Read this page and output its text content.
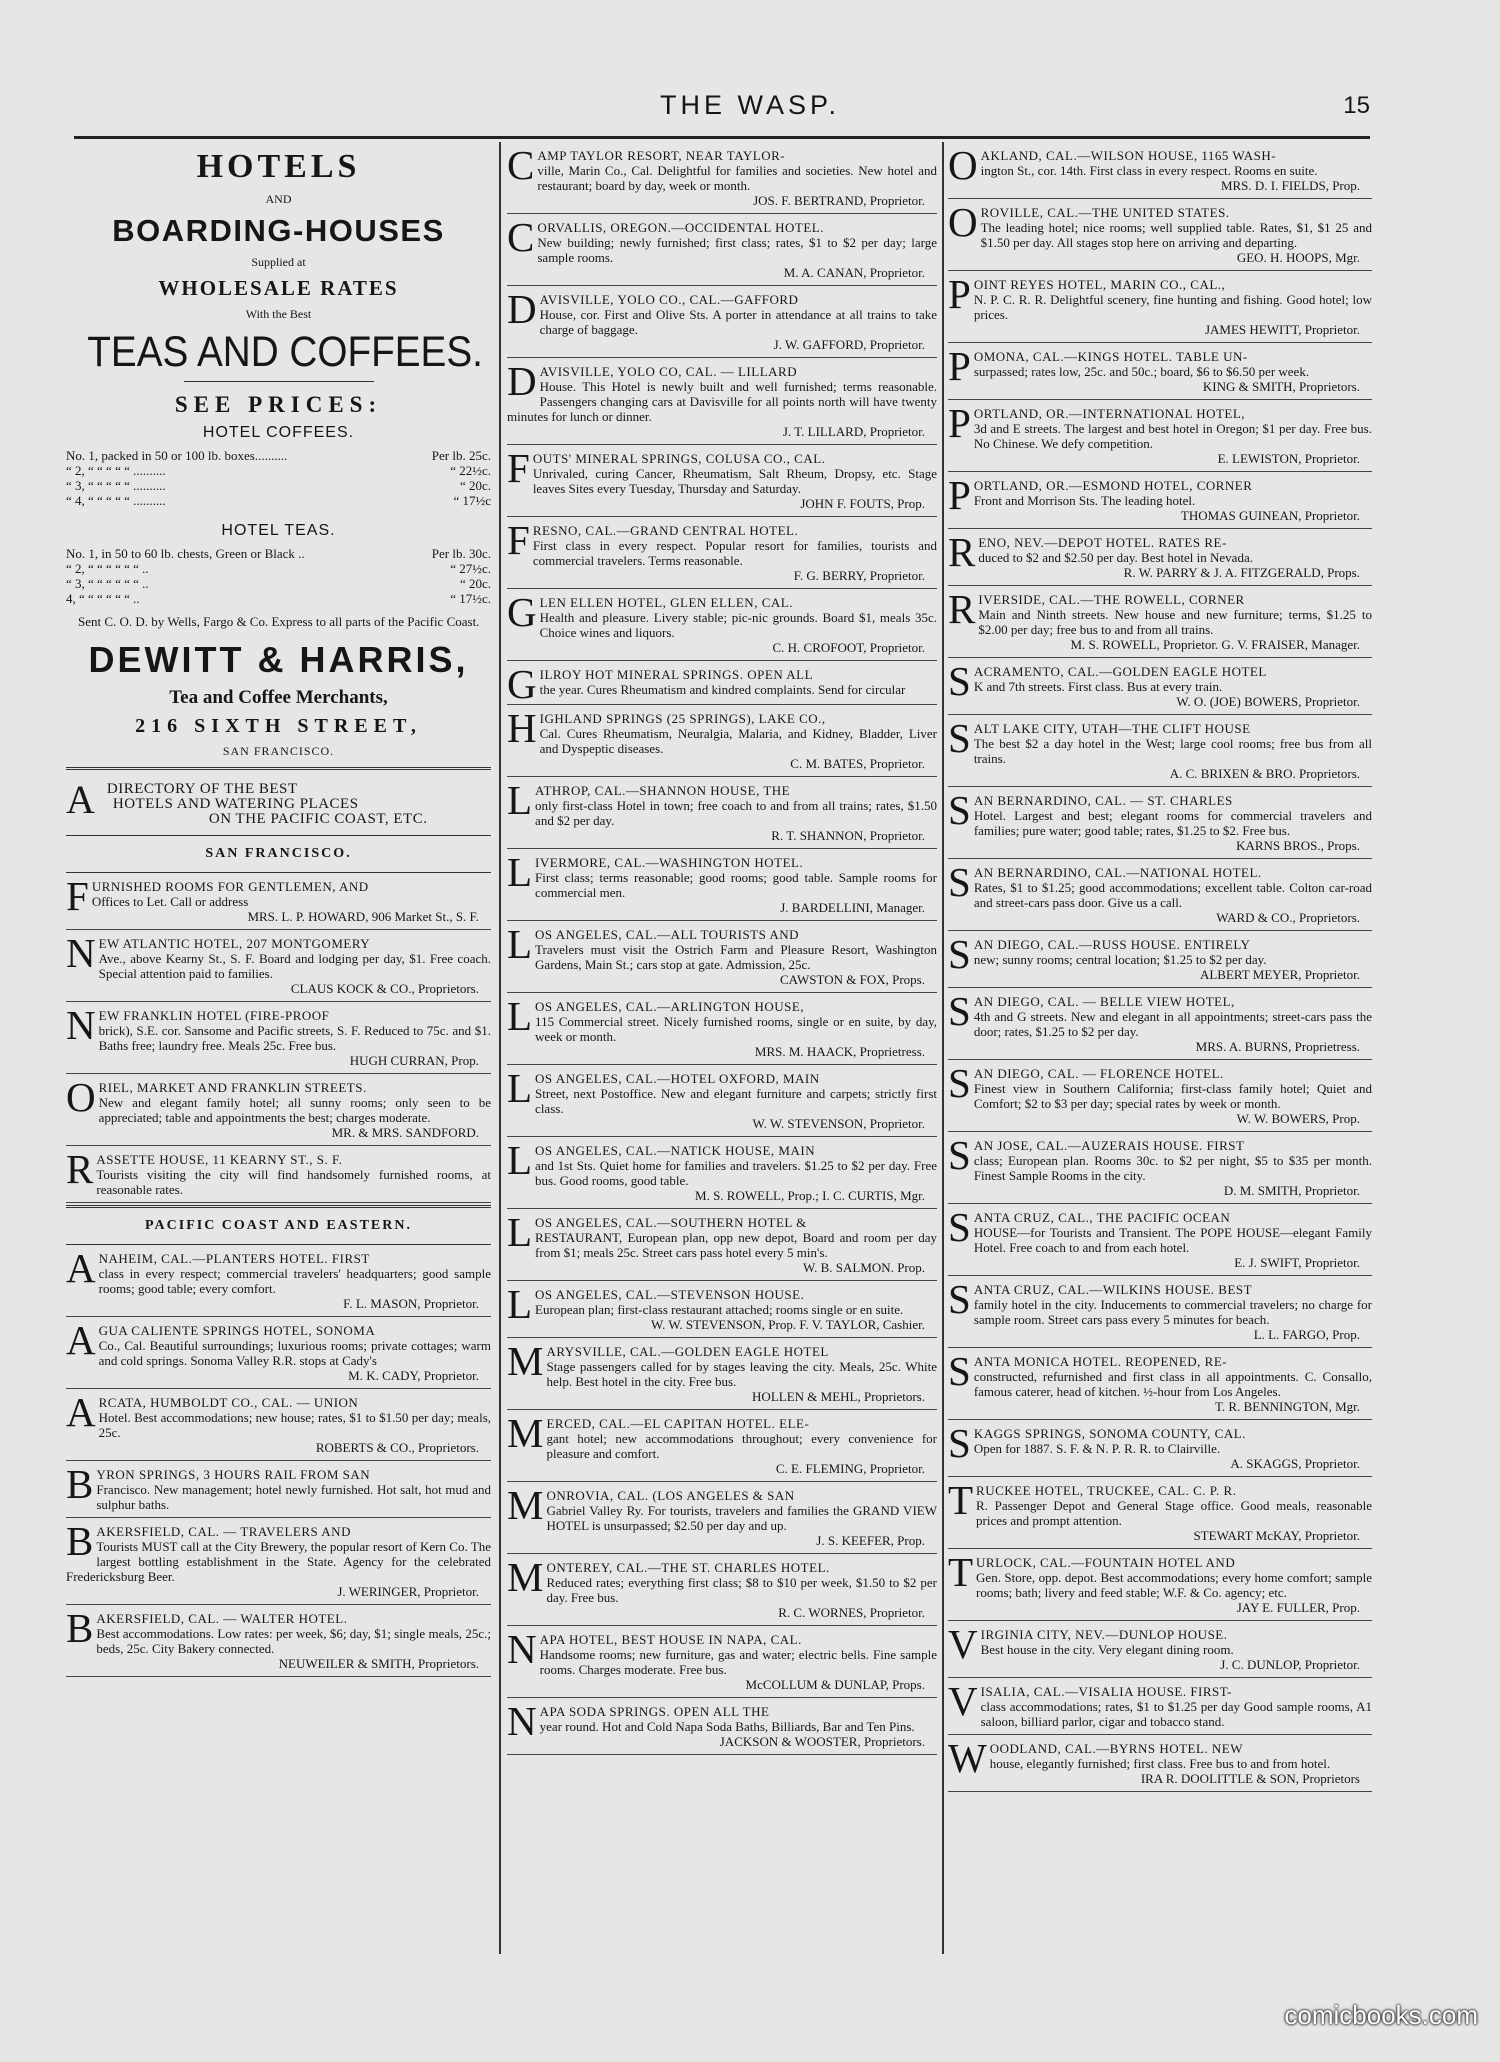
THE WASP.	15
HOTELS
AND
BOARDING-HOUSES
Supplied at
WHOLESALE RATES
With the Best
TEAS AND COFFEES.
SEE PRICES:
HOTEL COFFEES.
No. 1, packed in 50 or 100 lb. boxes..........	Per lb. 25c.
“ 2, “ “ “ “ “ ..........	“ 22½c.
“ 3, “ “ “ “ “ ..........	“ 20c.
“ 4, “ “ “ “ “ ..........	“ 17½c
HOTEL TEAS.
No. 1, in 50 to 60 lb. chests, Green or Black ..	Per lb. 30c.
“ 2, “ “ “ “ “ “ ..	“ 27½c.
“ 3, “ “ “ “ “ “ ..	“ 20c.
4, “ “ “ “ “ “ ..	“ 17½c.
Sent C. O. D. by Wells, Fargo & Co. Express to all parts of the Pacific Coast.
DEWITT & HARRIS,
Tea and Coffee Merchants,
216 SIXTH STREET,
SAN FRANCISCO.
A DIRECTORY OF THE BEST
HOTELS AND WATERING PLACES
ON THE PACIFIC COAST, ETC.
SAN FRANCISCO.
F URNISHED ROOMS FOR GENTLEMEN, AND
Offices to Let. Call or address
MRS. L. P. HOWARD, 906 Market St., S. F.
N EW ATLANTIC HOTEL, 207 MONTGOMERY
Ave., above Kearny St., S. F. Board and lodging per day, $1. Free coach. Special attention paid to families.
CLAUS KOCK & CO., Proprietors.
N EW FRANKLIN HOTEL (FIRE-PROOF
brick), S.E. cor. Sansome and Pacific streets, S. F. Reduced to 75c. and $1. Baths free; laundry free. Meals 25c. Free bus.
HUGH CURRAN, Prop.
O RIEL, MARKET AND FRANKLIN STREETS.
New and elegant family hotel; all sunny rooms; only seen to be appreciated; table and appointments the best; charges moderate.
MR. & MRS. SANDFORD.
R ASSETTE HOUSE, 11 KEARNY ST., S. F.
Tourists visiting the city will find handsomely furnished rooms, at reasonable rates.
PACIFIC COAST AND EASTERN.
A NAHEIM, CAL.—PLANTERS HOTEL. FIRST
class in every respect; commercial travelers' headquarters; good sample rooms; good table; every comfort.
F. L. MASON, Proprietor.
A GUA CALIENTE SPRINGS HOTEL, SONOMA
Co., Cal. Beautiful surroundings; luxurious rooms; private cottages; warm and cold springs. Sonoma Valley R.R. stops at Cady's
M. K. CADY, Proprietor.
A RCATA, HUMBOLDT CO., CAL. — UNION
Hotel. Best accommodations; new house; rates, $1 to $1.50 per day; meals, 25c.
ROBERTS & CO., Proprietors.
B YRON SPRINGS, 3 HOURS RAIL FROM SAN
Francisco. New management; hotel newly furnished. Hot salt, hot mud and sulphur baths.
B AKERSFIELD, CAL. — TRAVELERS AND
Tourists MUST call at the City Brewery, the popular resort of Kern Co. The largest bottling establishment in the State. Agency for the celebrated Fredericksburg Beer.
J. WERINGER, Proprietor.
B AKERSFIELD, CAL. — WALTER HOTEL.
Best accommodations. Low rates: per week, $6; day, $1; single meals, 25c.; beds, 25c. City Bakery connected.
NEUWEILER & SMITH, Proprietors.
C AMP TAYLOR RESORT, NEAR TAYLOR-
ville, Marin Co., Cal. Delightful for families and societies. New hotel and restaurant; board by day, week or month.
JOS. F. BERTRAND, Proprietor.
C ORVALLIS, OREGON.—OCCIDENTAL HOTEL.
New building; newly furnished; first class; rates, $1 to $2 per day; large sample rooms.
M. A. CANAN, Proprietor.
D AVISVILLE, YOLO CO., CAL.—GAFFORD
House, cor. First and Olive Sts. A porter in attendance at all trains to take charge of baggage.
J. W. GAFFORD, Proprietor.
D AVISVILLE, YOLO CO, CAL. — LILLARD
House. This Hotel is newly built and well furnished; terms reasonable. Passengers changing cars at Davisville for all points north will have twenty minutes for lunch or dinner.
J. T. LILLARD, Proprietor.
F OUTS' MINERAL SPRINGS, COLUSA CO., CAL.
Unrivaled, curing Cancer, Rheumatism, Salt Rheum, Dropsy, etc. Stage leaves Sites every Tuesday, Thursday and Saturday.
JOHN F. FOUTS, Prop.
F RESNO, CAL.—GRAND CENTRAL HOTEL.
First class in every respect. Popular resort for families, tourists and commercial travelers. Terms reasonable.
F. G. BERRY, Proprietor.
G LEN ELLEN HOTEL, GLEN ELLEN, CAL.
Health and pleasure. Livery stable; pic-nic grounds. Board $1, meals 35c. Choice wines and liquors.
C. H. CROFOOT, Proprietor.
G ILROY HOT MINERAL SPRINGS. OPEN ALL
the year. Cures Rheumatism and kindred complaints. Send for circular
H IGHLAND SPRINGS (25 SPRINGS), LAKE CO.,
Cal. Cures Rheumatism, Neuralgia, Malaria, and Kidney, Bladder, Liver and Dyspeptic diseases.
C. M. BATES, Proprietor.
L ATHROP, CAL.—SHANNON HOUSE, THE
only first-class Hotel in town; free coach to and from all trains; rates, $1.50 and $2 per day.
R. T. SHANNON, Proprietor.
L IVERMORE, CAL.—WASHINGTON HOTEL.
First class; terms reasonable; good rooms; good table. Sample rooms for commercial men.
J. BARDELLINI, Manager.
L OS ANGELES, CAL.—ALL TOURISTS AND
Travelers must visit the Ostrich Farm and Pleasure Resort, Washington Gardens, Main St.; cars stop at gate. Admission, 25c.
CAWSTON & FOX, Props.
L OS ANGELES, CAL.—ARLINGTON HOUSE,
115 Commercial street. Nicely furnished rooms, single or en suite, by day, week or month.
MRS. M. HAACK, Proprietress.
L OS ANGELES, CAL.—HOTEL OXFORD, MAIN
Street, next Postoffice. New and elegant furniture and carpets; strictly first class.
W. W. STEVENSON, Proprietor.
L OS ANGELES, CAL.—NATICK HOUSE, MAIN
and 1st Sts. Quiet home for families and travelers. $1.25 to $2 per day. Free bus. Good rooms, good table.
M. S. ROWELL, Prop.; I. C. CURTIS, Mgr.
L OS ANGELES, CAL.—SOUTHERN HOTEL &
RESTAURANT, European plan, opp new depot, Board and room per day from $1; meals 25c. Street cars pass hotel every 5 min's.
W. B. SALMON. Prop.
L OS ANGELES, CAL.—STEVENSON HOUSE.
European plan; first-class restaurant attached; rooms single or en suite.
W. W. STEVENSON, Prop. F. V. TAYLOR, Cashier.
M ARYSVILLE, CAL.—GOLDEN EAGLE HOTEL
Stage passengers called for by stages leaving the city. Meals, 25c. White help. Best hotel in the city. Free bus.
HOLLEN & MEHL, Proprietors.
M ERCED, CAL.—EL CAPITAN HOTEL. ELE-
gant hotel; new accommodations throughout; every convenience for pleasure and comfort.
C. E. FLEMING, Proprietor.
M ONROVIA, CAL. (LOS ANGELES & SAN
Gabriel Valley Ry. For tourists, travelers and families the GRAND VIEW HOTEL is unsurpassed; $2.50 per day and up.
J. S. KEEFER, Prop.
M ONTEREY, CAL.—THE ST. CHARLES HOTEL.
Reduced rates; everything first class; $8 to $10 per week, $1.50 to $2 per day. Free bus.
R. C. WORNES, Proprietor.
N APA HOTEL, BEST HOUSE IN NAPA, CAL.
Handsome rooms; new furniture, gas and water; electric bells. Fine sample rooms. Charges moderate. Free bus.
McCOLLUM & DUNLAP, Props.
N APA SODA SPRINGS. OPEN ALL THE
year round. Hot and Cold Napa Soda Baths, Billiards, Bar and Ten Pins.
JACKSON & WOOSTER, Proprietors.
O AKLAND, CAL.—WILSON HOUSE, 1165 WASH-
ington St., cor. 14th. First class in every respect. Rooms en suite.
MRS. D. I. FIELDS, Prop.
O ROVILLE, CAL.—THE UNITED STATES.
The leading hotel; nice rooms; well supplied table. Rates, $1, $1 25 and $1.50 per day. All stages stop here on arriving and departing.
GEO. H. HOOPS, Mgr.
P OINT REYES HOTEL, MARIN CO., CAL.,
N. P. C. R. R. Delightful scenery, fine hunting and fishing. Good hotel; low prices.
JAMES HEWITT, Proprietor.
P OMONA, CAL.—KINGS HOTEL. TABLE UN-
surpassed; rates low, 25c. and 50c.; board, $6 to $6.50 per week.
KING & SMITH, Proprietors.
P ORTLAND, OR.—INTERNATIONAL HOTEL,
3d and E streets. The largest and best hotel in Oregon; $1 per day. Free bus. No Chinese. We defy competition.
E. LEWISTON, Proprietor.
P ORTLAND, OR.—ESMOND HOTEL, CORNER
Front and Morrison Sts. The leading hotel.
THOMAS GUINEAN, Proprietor.
R ENO, NEV.—DEPOT HOTEL. RATES RE-
duced to $2 and $2.50 per day. Best hotel in Nevada.
R. W. PARRY & J. A. FITZGERALD, Props.
R IVERSIDE, CAL.—THE ROWELL, CORNER
Main and Ninth streets. New house and new furniture; terms, $1.25 to $2.00 per day; free bus to and from all trains.
M. S. ROWELL, Proprietor. G. V. FRAISER, Manager.
S ACRAMENTO, CAL.—GOLDEN EAGLE HOTEL
K and 7th streets. First class. Bus at every train.
W. O. (JOE) BOWERS, Proprietor.
S ALT LAKE CITY, UTAH—THE CLIFT HOUSE
The best $2 a day hotel in the West; large cool rooms; free bus from all trains.
A. C. BRIXEN & BRO. Proprietors.
S AN BERNARDINO, CAL. — ST. CHARLES
Hotel. Largest and best; elegant rooms for commercial travelers and families; pure water; good table; rates, $1.25 to $2. Free bus.
KARNS BROS., Props.
S AN BERNARDINO, CAL.—NATIONAL HOTEL.
Rates, $1 to $1.25; good accommodations; excellent table. Colton car-road and street-cars pass door. Give us a call.
WARD & CO., Proprietors.
S AN DIEGO, CAL.—RUSS HOUSE. ENTIRELY
new; sunny rooms; central location; $1.25 to $2 per day.
ALBERT MEYER, Proprietor.
S AN DIEGO, CAL. — BELLE VIEW HOTEL,
4th and G streets. New and elegant in all appointments; street-cars pass the door; rates, $1.25 to $2 per day.
MRS. A. BURNS, Proprietress.
S AN DIEGO, CAL. — FLORENCE HOTEL.
Finest view in Southern California; first-class family hotel; Quiet and Comfort; $2 to $3 per day; special rates by week or month.
W. W. BOWERS, Prop.
S AN JOSE, CAL.—AUZERAIS HOUSE. FIRST
class; European plan. Rooms 30c. to $2 per night, $5 to $35 per month. Finest Sample Rooms in the city.
D. M. SMITH, Proprietor.
S ANTA CRUZ, CAL., THE PACIFIC OCEAN
HOUSE—for Tourists and Transient. The POPE HOUSE—elegant Family Hotel. Free coach to and from each hotel.
E. J. SWIFT, Proprietor.
S ANTA CRUZ, CAL.—WILKINS HOUSE. BEST
family hotel in the city. Inducements to commercial travelers; no charge for sample room. Street cars pass every 5 minutes for beach.
L. L. FARGO, Prop.
S ANTA MONICA HOTEL. REOPENED, RE-
constructed, refurnished and first class in all appointments. C. Consallo, famous caterer, head of kitchen. ½-hour from Los Angeles.
T. R. BENNINGTON, Mgr.
S KAGGS SPRINGS, SONOMA COUNTY, CAL.
Open for 1887. S. F. & N. P. R. R. to Clairville.
A. SKAGGS, Proprietor.
T RUCKEE HOTEL, TRUCKEE, CAL. C. P. R.
R. Passenger Depot and General Stage office. Good meals, reasonable prices and prompt attention.
STEWART McKAY, Proprietor.
T URLOCK, CAL.—FOUNTAIN HOTEL AND
Gen. Store, opp. depot. Best accommodations; every home comfort; sample rooms; bath; livery and feed stable; W.F. & Co. agency; etc.
JAY E. FULLER, Prop.
V IRGINIA CITY, NEV.—DUNLOP HOUSE.
Best house in the city. Very elegant dining room.
J. C. DUNLOP, Proprietor.
V ISALIA, CAL.—VISALIA HOUSE. FIRST-
class accommodations; rates, $1 to $1.25 per day Good sample rooms, A1 saloon, billiard parlor, cigar and tobacco stand.
W OODLAND, CAL.—BYRNS HOTEL. NEW
house, elegantly furnished; first class. Free bus to and from hotel.
IRA R. DOOLITTLE & SON, Proprietors
comicbooks.com
